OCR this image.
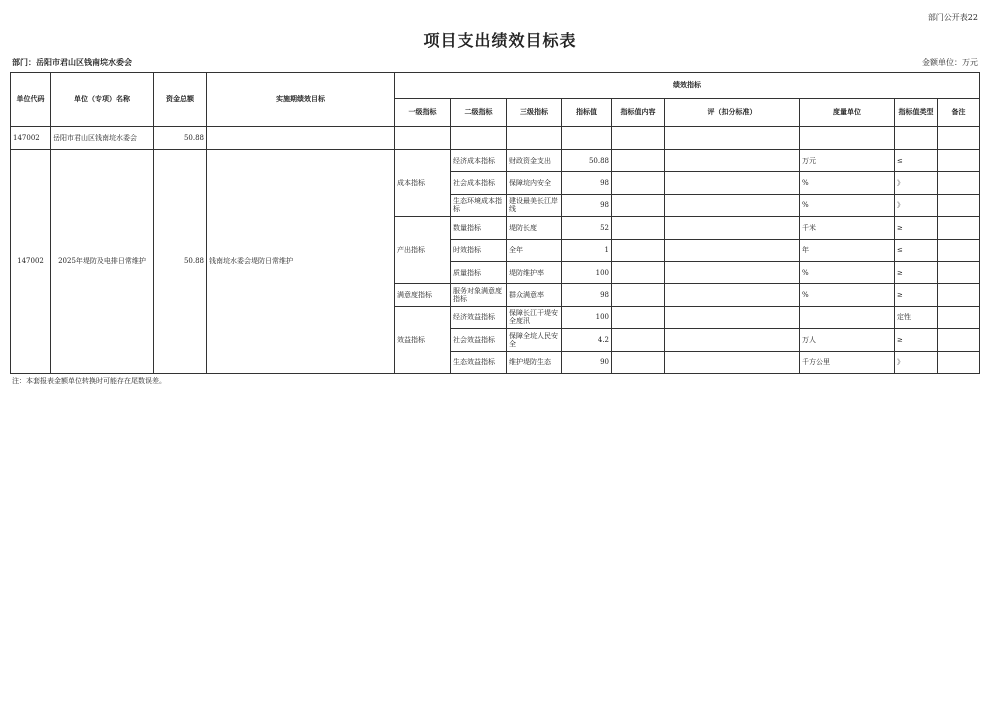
部门公开表22
项目支出绩效目标表
部门：岳阳市君山区钱南垸水委会	金额单位：万元
单位代码	单位（专项）名称	资金总额	实施期绩效目标	绩效指标								
				一级指标	二级指标	三级指标	指标值	指标值内容	评（扣分标准）	度量单位	指标值类型	备注
147002	岳阳市君山区钱南垸水委会	50.88										
147002	2025年堤防及电排日常维护	50.88	钱南垸水委会堤防日常维护	成本指标	经济成本指标	财政资金支出	50.88			万元	≤	
					社会成本指标	保障垸内安全	98			%	》	
					生态环境成本指标	建设最美长江岸线	98			%	》	
				产出指标	数量指标	堤防长度	52			千米	≥	
					时效指标	全年	1			年	≤	
					质量指标	堤防维护率	100			%	≥	
				满意度指标	服务对象满意度指标	群众满意率	98			%	≥	
				效益指标	经济效益指标	保障长江干堤安全度汛	100				定性	
					社会效益指标	保障全垸人民安全	4.2			万人	≥	
					生态效益指标	维护堤防生态	90			千方公里	》	
注：本套报表金额单位转换时可能存在尾数误差。
